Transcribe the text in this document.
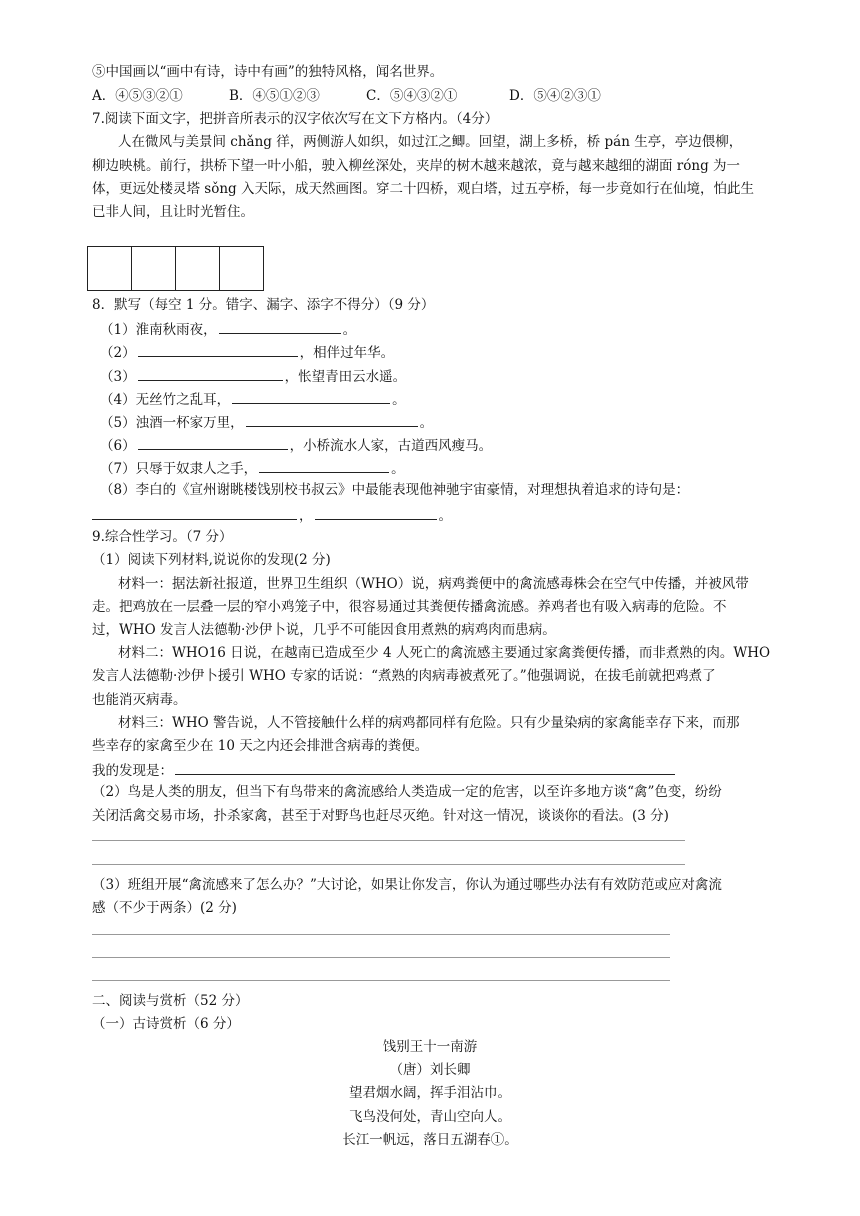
⑤中国画以“画中有诗，诗中有画”的独特风格，闻名世界。
A．④⑤③②①	B．④⑤①②③	C．⑤④③②①	D．⑤④②③①
7.阅读下面文字，把拼音所表示的汉字依次写在文下方格内。（4分）
人在微风与美景间 chǎng 徉，两侧游人如织，如过江之鲫。回望，湖上多桥，桥 pán 生亭，亭边偎柳，
柳边映桃。前行，拱桥下望一叶小船，驶入柳丝深处，夹岸的树木越来越浓，竟与越来越细的湖面 róng 为一
体，更远处楼灵塔 sǒng 入天际，成天然画图。穿二十四桥，观白塔，过五亭桥，每一步竟如行在仙境，怕此生
已非人间，且让时光暂住。
8．默写（每空 1 分。错字、漏字、添字不得分）（9 分）
（1）淮南秋雨夜，	。
（2）	，相伴过年华。
（3）	，怅望青田云水遥。
（4）无丝竹之乱耳，	。
（5）浊酒一杯家万里，	。
（6）	，小桥流水人家，古道西风瘦马。
（7）只辱于奴隶人之手，	。
（8）李白的《宣州谢眺楼饯别校书叔云》中最能表现他神驰宇宙豪情，对理想执着追求的诗句是：
，	。
9.综合性学习。（7 分）
（1）阅读下列材料,说说你的发现(2 分)
材料一：据法新社报道，世界卫生组织（WHO）说，病鸡粪便中的禽流感毒株会在空气中传播，并被风带
走。把鸡放在一层叠一层的窄小鸡笼子中，很容易通过其粪便传播禽流感。养鸡者也有吸入病毒的危险。不
过，WHO 发言人法德勒·沙伊卜说，几乎不可能因食用煮熟的病鸡肉而患病。
材料二：WHO16 日说，在越南已造成至少 4 人死亡的禽流感主要通过家禽粪便传播，而非煮熟的肉。WHO
发言人法德勒·沙伊卜援引 WHO 专家的话说：“煮熟的肉病毒被煮死了。”他强调说，在拔毛前就把鸡煮了
也能消灭病毒。
材料三：WHO 警告说，人不管接触什么样的病鸡都同样有危险。只有少量染病的家禽能幸存下来，而那
些幸存的家禽至少在 10 天之内还会排泄含病毒的粪便。
我的发现是：
（2）鸟是人类的朋友，但当下有鸟带来的禽流感给人类造成一定的危害，以至许多地方谈“禽”色变，纷纷
关闭活禽交易市场，扑杀家禽，甚至于对野鸟也赶尽灭绝。针对这一情况，谈谈你的看法。(3 分)
（3）班组开展“禽流感来了怎么办？”大讨论，如果让你发言，你认为通过哪些办法有有效防范或应对禽流
感（不少于两条）(2 分)
二、阅读与赏析（52 分）
（一）古诗赏析（6 分）
饯别王十一南游
（唐）刘长卿
望君烟水阔，挥手泪沾巾。
飞鸟没何处，青山空向人。
长江一帆远，落日五湖春①。
